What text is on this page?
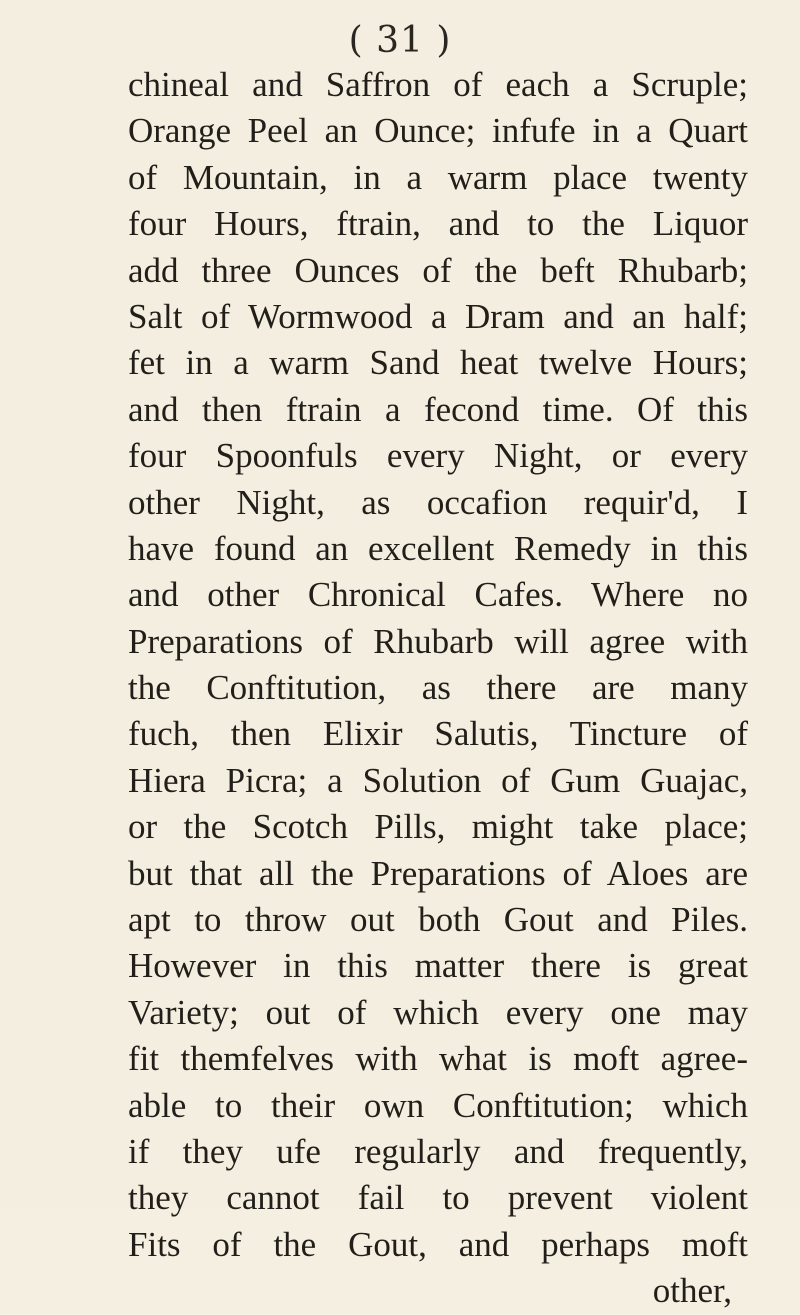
( 31 )
chineal and Saffron of each a Scruple;
Orange Peel an Ounce; infufe in a Quart
of Mountain, in a warm place twenty
four Hours, ftrain, and to the Liquor
add three Ounces of the beft Rhubarb;
Salt of Wormwood a Dram and an half;
fet in a warm Sand heat twelve Hours;
and then ftrain a fecond time. Of this
four Spoonfuls every Night, or every
other Night, as occafion requir'd, I
have found an excellent Remedy in this
and other Chronical Cafes. Where no
Preparations of Rhubarb will agree with
the Conftitution, as there are many
fuch, then Elixir Salutis, Tincture of
Hiera Picra; a Solution of Gum Guajac,
or the Scotch Pills, might take place;
but that all the Preparations of Aloes are
apt to throw out both Gout and Piles.
However in this matter there is great
Variety; out of which every one may
fit themfelves with what is moft agree-
able to their own Conftitution; which
if they ufe regularly and frequently,
they cannot fail to prevent violent
Fits of the Gout, and perhaps moft
other,
